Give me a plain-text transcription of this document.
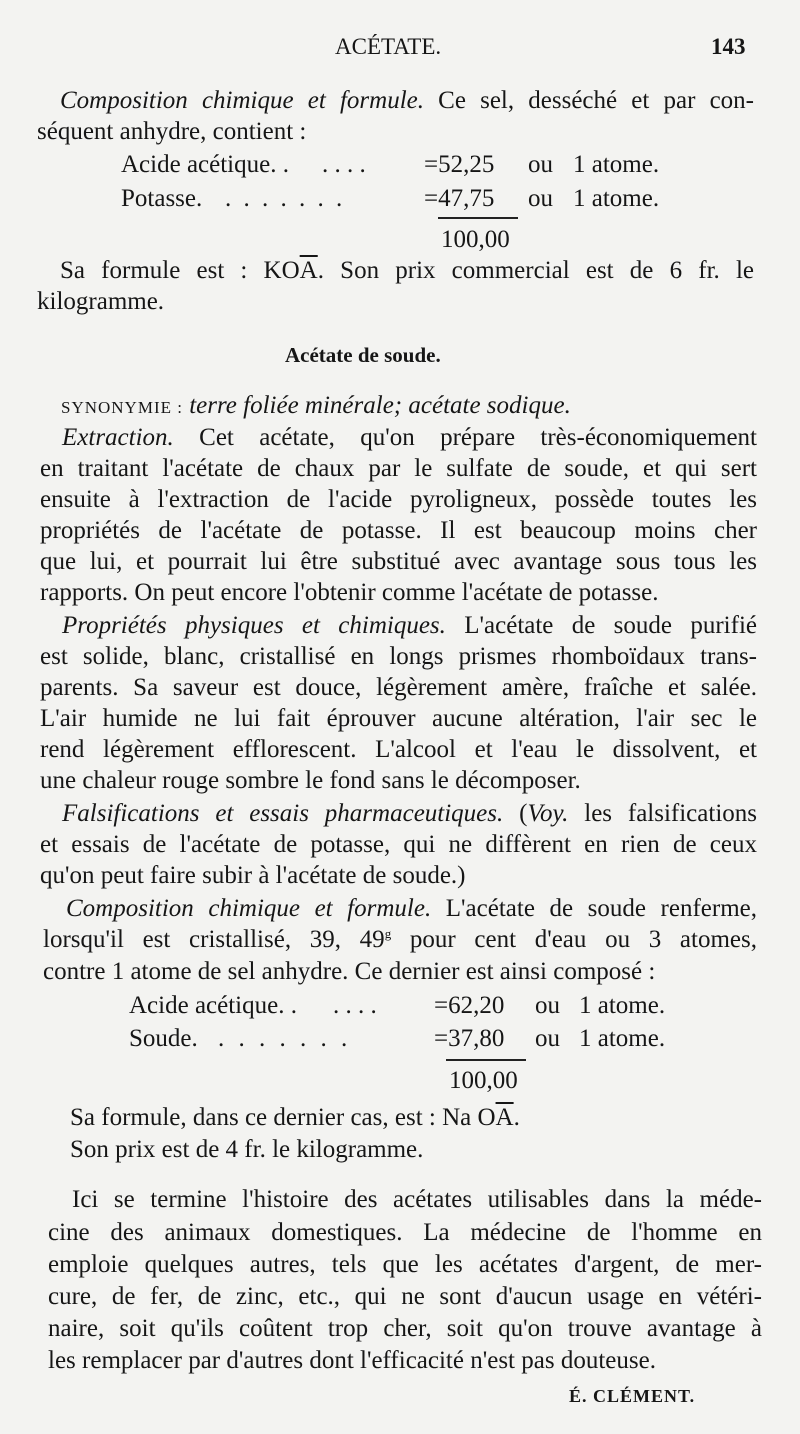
ACÉTATE.	143
Composition chimique et formule. Ce sel, desséché et par con-
séquent anhydre, contient :
Acide acétique. . . . . . =52,25 ou 1 atome.
Potasse. . . . . . . .	=47,75 ou 1 atome.
100,00
Sa formule est : $KO\overline{A}$. Son prix commercial est de 6 fr. le
kilogramme.
Acétate de soude.
SYNONYMIE : terre foliée minérale; acétate sodique.
Extraction. Cet acétate, qu'on prépare très-économiquement
en traitant l'acétate de chaux par le sulfate de soude, et qui sert
ensuite à l'extraction de l'acide pyroligneux, possède toutes les
propriétés de l'acétate de potasse. Il est beaucoup moins cher
que lui, et pourrait lui être substitué avec avantage sous tous les
rapports. On peut encore l'obtenir comme l'acétate de potasse.
Propriétés physiques et chimiques. L'acétate de soude purifié
est solide, blanc, cristallisé en longs prismes rhomboïdaux trans-
parents. Sa saveur est douce, légèrement amère, fraîche et salée.
L'air humide ne lui fait éprouver aucune altération, l'air sec le
rend légèrement efflorescent. L'alcool et l'eau le dissolvent, et
une chaleur rouge sombre le fond sans le décomposer.
Falsifications et essais pharmaceutiques. (Voy. les falsifications
et essais de l'acétate de potasse, qui ne diffèrent en rien de ceux
qu'on peut faire subir à l'acétate de soude.)
Composition chimique et formule. L'acétate de soude renferme,
lorsqu'il est cristallisé, 39, 49$^g$ pour cent d'eau ou 3 atomes,
contre 1 atome de sel anhydre. Ce dernier est ainsi composé :
Acide acétique. . . . . . =62,20 ou 1 atome.
Soude. . . . . . . .	=37,80 ou 1 atome.
100,00
Sa formule, dans ce dernier cas, est : Na $O\overline{A}$.
Son prix est de 4 fr. le kilogramme.
Ici se termine l'histoire des acétates utilisables dans la méde-
cine des animaux domestiques. La médecine de l'homme en
emploie quelques autres, tels que les acétates d'argent, de mer-
cure, de fer, de zinc, etc., qui ne sont d'aucun usage en vétéri-
naire, soit qu'ils coûtent trop cher, soit qu'on trouve avantage à
les remplacer par d'autres dont l'efficacité n'est pas douteuse.
É. CLÉMENT.
